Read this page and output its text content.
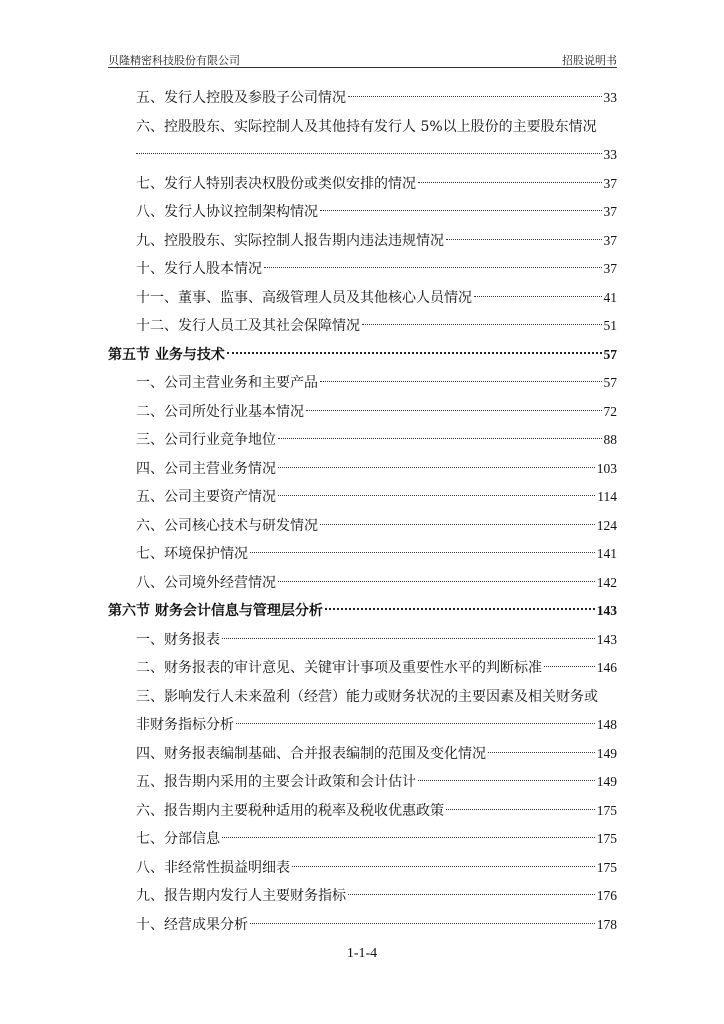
贝隆精密科技股份有限公司	招股说明书
五、发行人控股及参股子公司情况	33
六、控股股东、实际控制人及其他持有发行人 5%以上股份的主要股东情况
33
七、发行人特别表决权股份或类似安排的情况	37
八、发行人协议控制架构情况	37
九、控股股东、实际控制人报告期内违法违规情况	37
十、发行人股本情况	37
十一、董事、监事、高级管理人员及其他核心人员情况	41
十二、发行人员工及其社会保障情况	51
第五节 业务与技术	57
一、公司主营业务和主要产品	57
二、公司所处行业基本情况	72
三、公司行业竞争地位	88
四、公司主营业务情况	103
五、公司主要资产情况	114
六、公司核心技术与研发情况	124
七、环境保护情况	141
八、公司境外经营情况	142
第六节 财务会计信息与管理层分析	143
一、财务报表	143
二、财务报表的审计意见、关键审计事项及重要性水平的判断标准	146
三、影响发行人未来盈利（经营）能力或财务状况的主要因素及相关财务或
非财务指标分析	148
四、财务报表编制基础、合并报表编制的范围及变化情况	149
五、报告期内采用的主要会计政策和会计估计	149
六、报告期内主要税种适用的税率及税收优惠政策	175
七、分部信息	175
八、非经常性损益明细表	175
九、报告期内发行人主要财务指标	176
十、经营成果分析	178
1-1-4
